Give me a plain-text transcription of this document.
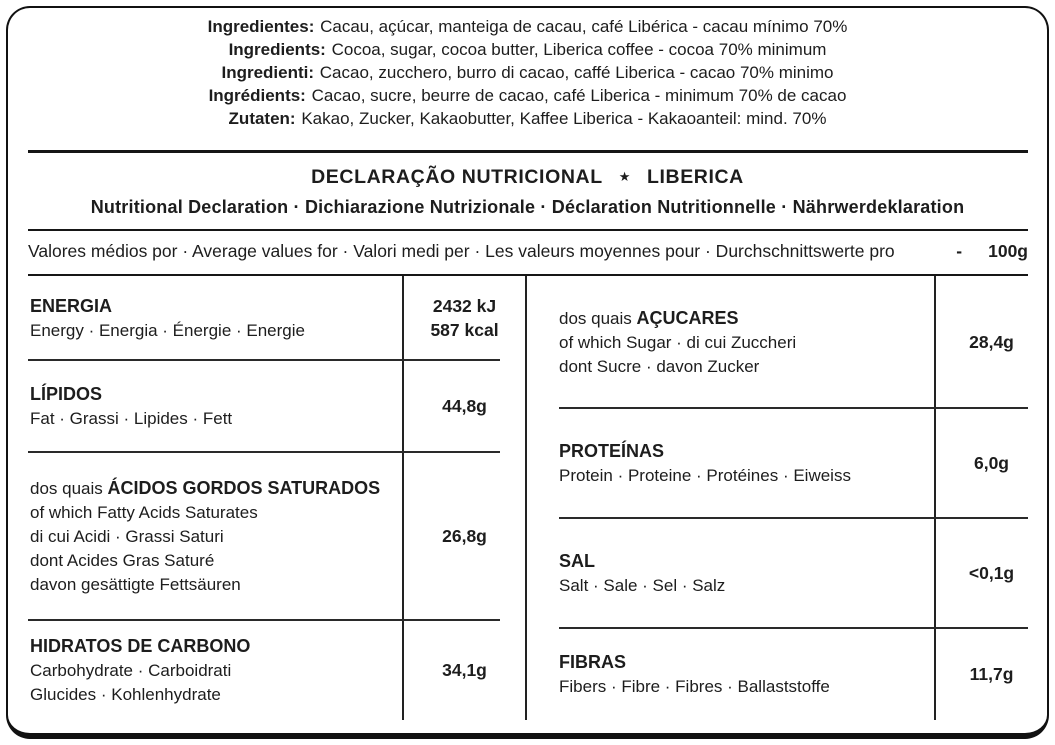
Ingredientes: Cacau, açúcar, manteiga de cacau, café Libérica - cacau mínimo 70%
Ingredients: Cocoa, sugar, cocoa butter, Liberica coffee - cocoa 70% minimum
Ingredienti: Cacao, zucchero, burro di cacao, caffé Liberica - cacao 70% minimo
Ingrédients: Cacao, sucre, beurre de cacao, café Liberica - minimum 70% de cacao
Zutaten: Kakao, Zucker, Kakaobutter, Kaffee Liberica - Kakaoanteil: mind. 70%
DECLARAÇÃO NUTRICIONAL ★ LIBERICA
Nutritional Declaration · Dichiarazione Nutrizionale · Déclaration Nutritionnelle · Nährwerdeklaration
Valores médios por · Average values for · Valori medi per · Les valeurs moyennes pour · Durchschnittswerte pro	- 100g
ENERGIA
Energy · Energia · Énergie · Energie
2432 kJ
587 kcal
LÍPIDOS
Fat · Grassi · Lipides · Fett
44,8g
dos quais ÁCIDOS GORDOS SATURADOS
of which Fatty Acids Saturates
di cui Acidi · Grassi Saturi
dont Acides Gras Saturé
davon gesättigte Fettsäuren
26,8g
HIDRATOS DE CARBONO
Carbohydrate · Carboidrati
Glucides · Kohlenhydrate
34,1g
dos quais AÇUCARES
of which Sugar · di cui Zuccheri
dont Sucre · davon Zucker
28,4g
PROTEÍNAS
Protein · Proteine · Protéines · Eiweiss
6,0g
SAL
Salt · Sale · Sel · Salz
<0,1g
FIBRAS
Fibers · Fibre · Fibres · Ballaststoffe
11,7g
